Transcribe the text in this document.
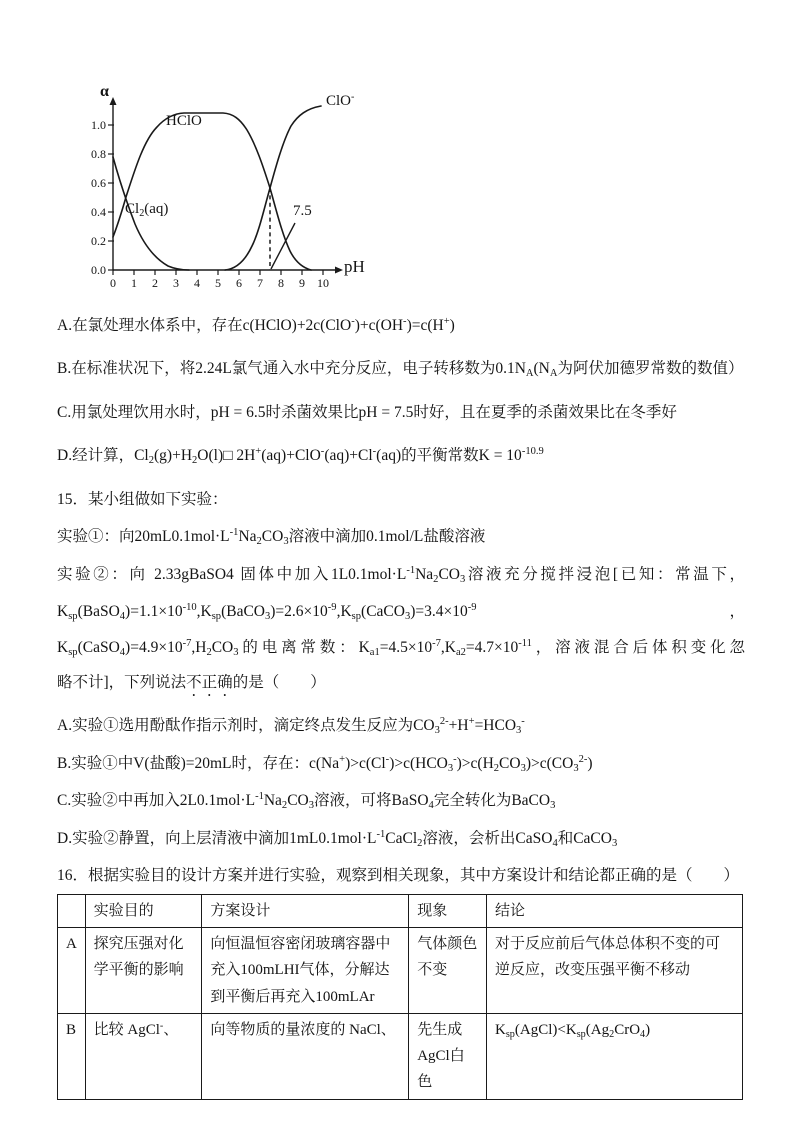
0 1 2 3 4 5 6 7 8 9 10
0.0
0.2
0.4
0.6
0.8
1.0
α
pH
HClO
ClO-
$Cl_2(aq)$	7.5

A.在氯处理水体系中，存在c(HClO)+2c(ClO-)+c(OH-)=c(H+)

B.在标准状况下，将2.24L氯气通入水中充分反应，电子转移数为$0.1N_A(N_A$为阿伏加德罗常数的数值）

C.用氯处理饮用水时，pH = 6.5时杀菌效果比pH = 7.5时好，且在夏季的杀菌效果比在冬季好

D.经计算，$Cl_2(g)+H_2O(l)□$ 2H+(aq)+ClO-(aq)+Cl-(aq)的平衡常数$K = 10^{-10.9}$

15．某小组做如下实验：

实验①：向$20mL0.1mol\cdot L^{-1}Na_2CO_3$溶液中滴加0.1mol/L盐酸溶液

实验②：向 2.33gBaSO4 固体中加入$1L0.1mol\cdot L^{-1}Na_2CO_3$溶液充分搅拌浸泡[已知：常温下，

$K_{sp}(BaSO_4)=1.1\times 10^{-10},K_{sp}(BaCO_3)=2.6\times 10^{-9},K_{sp}(CaCO_3)=3.4\times 10^{-9}$	，

$K_{sp}(CaSO_4)=4.9\times 10^{-7},H_2CO_3$的电离常数：$K_{a1}=4.5\times 10^{-7},K_{a2}=4.7\times 10^{-11}$，溶液混合后体积变化忽

略不计]，下列说法不正确的是（　　）

A.实验①选用酚酞作指示剂时，滴定终点发生反应为$CO_3^{2-}+H^+=HCO_3^-$

B.实验①中V(盐酸)=20mL时，存在：$c(Na^+)>c(Cl^-)>c(HCO_3^-)>c(H_2CO_3)>c(CO_3^{2-})$

C.实验②中再加入$2L0.1mol\cdot L^{-1}Na_2CO_3$溶液，可将BaSO$_4$完全转化为BaCO$_3$

D.实验②静置，向上层清液中滴加$1mL0.1mol\cdot L^{-1}CaCl_2$溶液，会析出CaSO$_4$和CaCO$_3$

16．根据实验目的设计方案并进行实验，观察到相关现象，其中方案设计和结论都正确的是（　　）

	实验目的	方案设计	现象	结论
A	探究压强对化学平衡的影响	向恒温恒容密闭玻璃容器中充入100mLHI气体，分解达到平衡后再充入100mLAr	气体颜色不变	对于反应前后气体总体积不变的可逆反应，改变压强平衡不移动
B	比较 AgCl-、	向等物质的量浓度的 NaCl、	先生成AgCl白色	$K_{sp}(AgCl)<K_{sp}(Ag_2CrO_4)$
